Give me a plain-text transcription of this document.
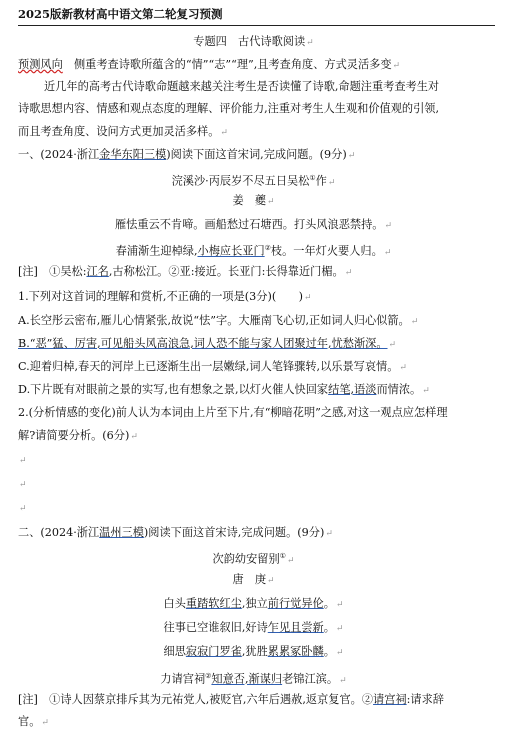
2025版新教材高中语文第二轮复习预测
专题四　古代诗歌阅读↵
预测风向　 侧重考查诗歌所蕴含的“情”“志”“理”,且考查角度、方式灵活多变↵
近几年的高考古代诗歌命题越来越关注考生是否读懂了诗歌,命题注重考查考生对
诗歌思想内容、情感和观点态度的理解、评价能力,注重对考生人生观和价值观的引领,
而且考查角度、设问方式更加灵活多样。↵
一、(2024·浙江金华东阳三模)阅读下面这首宋词,完成问题。(9分)↵
浣溪沙·丙辰岁不尽五日吴松①作↵
姜　夔↵
雁怯重云不肯啼。画船愁过石塘西。打头风浪恶禁持。↵
春浦渐生迎棹绿,小梅应长亚门②枝。一年灯火要人归。↵
[注]　 ①吴松:江名,古称松江。②亚:接近。长亚门:长得靠近门楣。↵
1.下列对这首词的理解和赏析,不正确的一项是(3分)(　　)↵
A.长空彤云密布,雁儿心情紧张,故说“怯”字。大雁南飞心切,正如词人归心似箭。↵
B.“恶”猛、厉害,可见船头风高浪急,词人恐不能与家人团聚过年,忧愁渐深。↵
C.迎着归棹,春天的河岸上已逐渐生出一层嫩绿,词人笔锋骤转,以乐景写哀情。↵
D.下片既有对眼前之景的实写,也有想象之景,以灯火催人快回家结笔,语淡而情浓。↵
2.(分析情感的变化)前人认为本词由上片至下片,有“柳暗花明”之感,对这一观点应怎样理
解?请简要分析。(6分)↵
↵
↵
↵
二、(2024·浙江温州三模)阅读下面这首宋诗,完成问题。(9分)↵
次韵幼安留别①↵
唐　庚↵
白头重踏软红尘,独立前行觉异伦。↵
往事已空谁叙旧,好诗乍见且尝新。↵
细思寂寂门罗雀,犹胜累累冢卧麟。↵
力请宫祠②知意否,渐谋归老锦江滨。↵
[注]　 ①诗人因蔡京排斥其为元祐党人,被贬官,六年后遇赦,返京复官。②请宫祠:请求辞
官。↵
